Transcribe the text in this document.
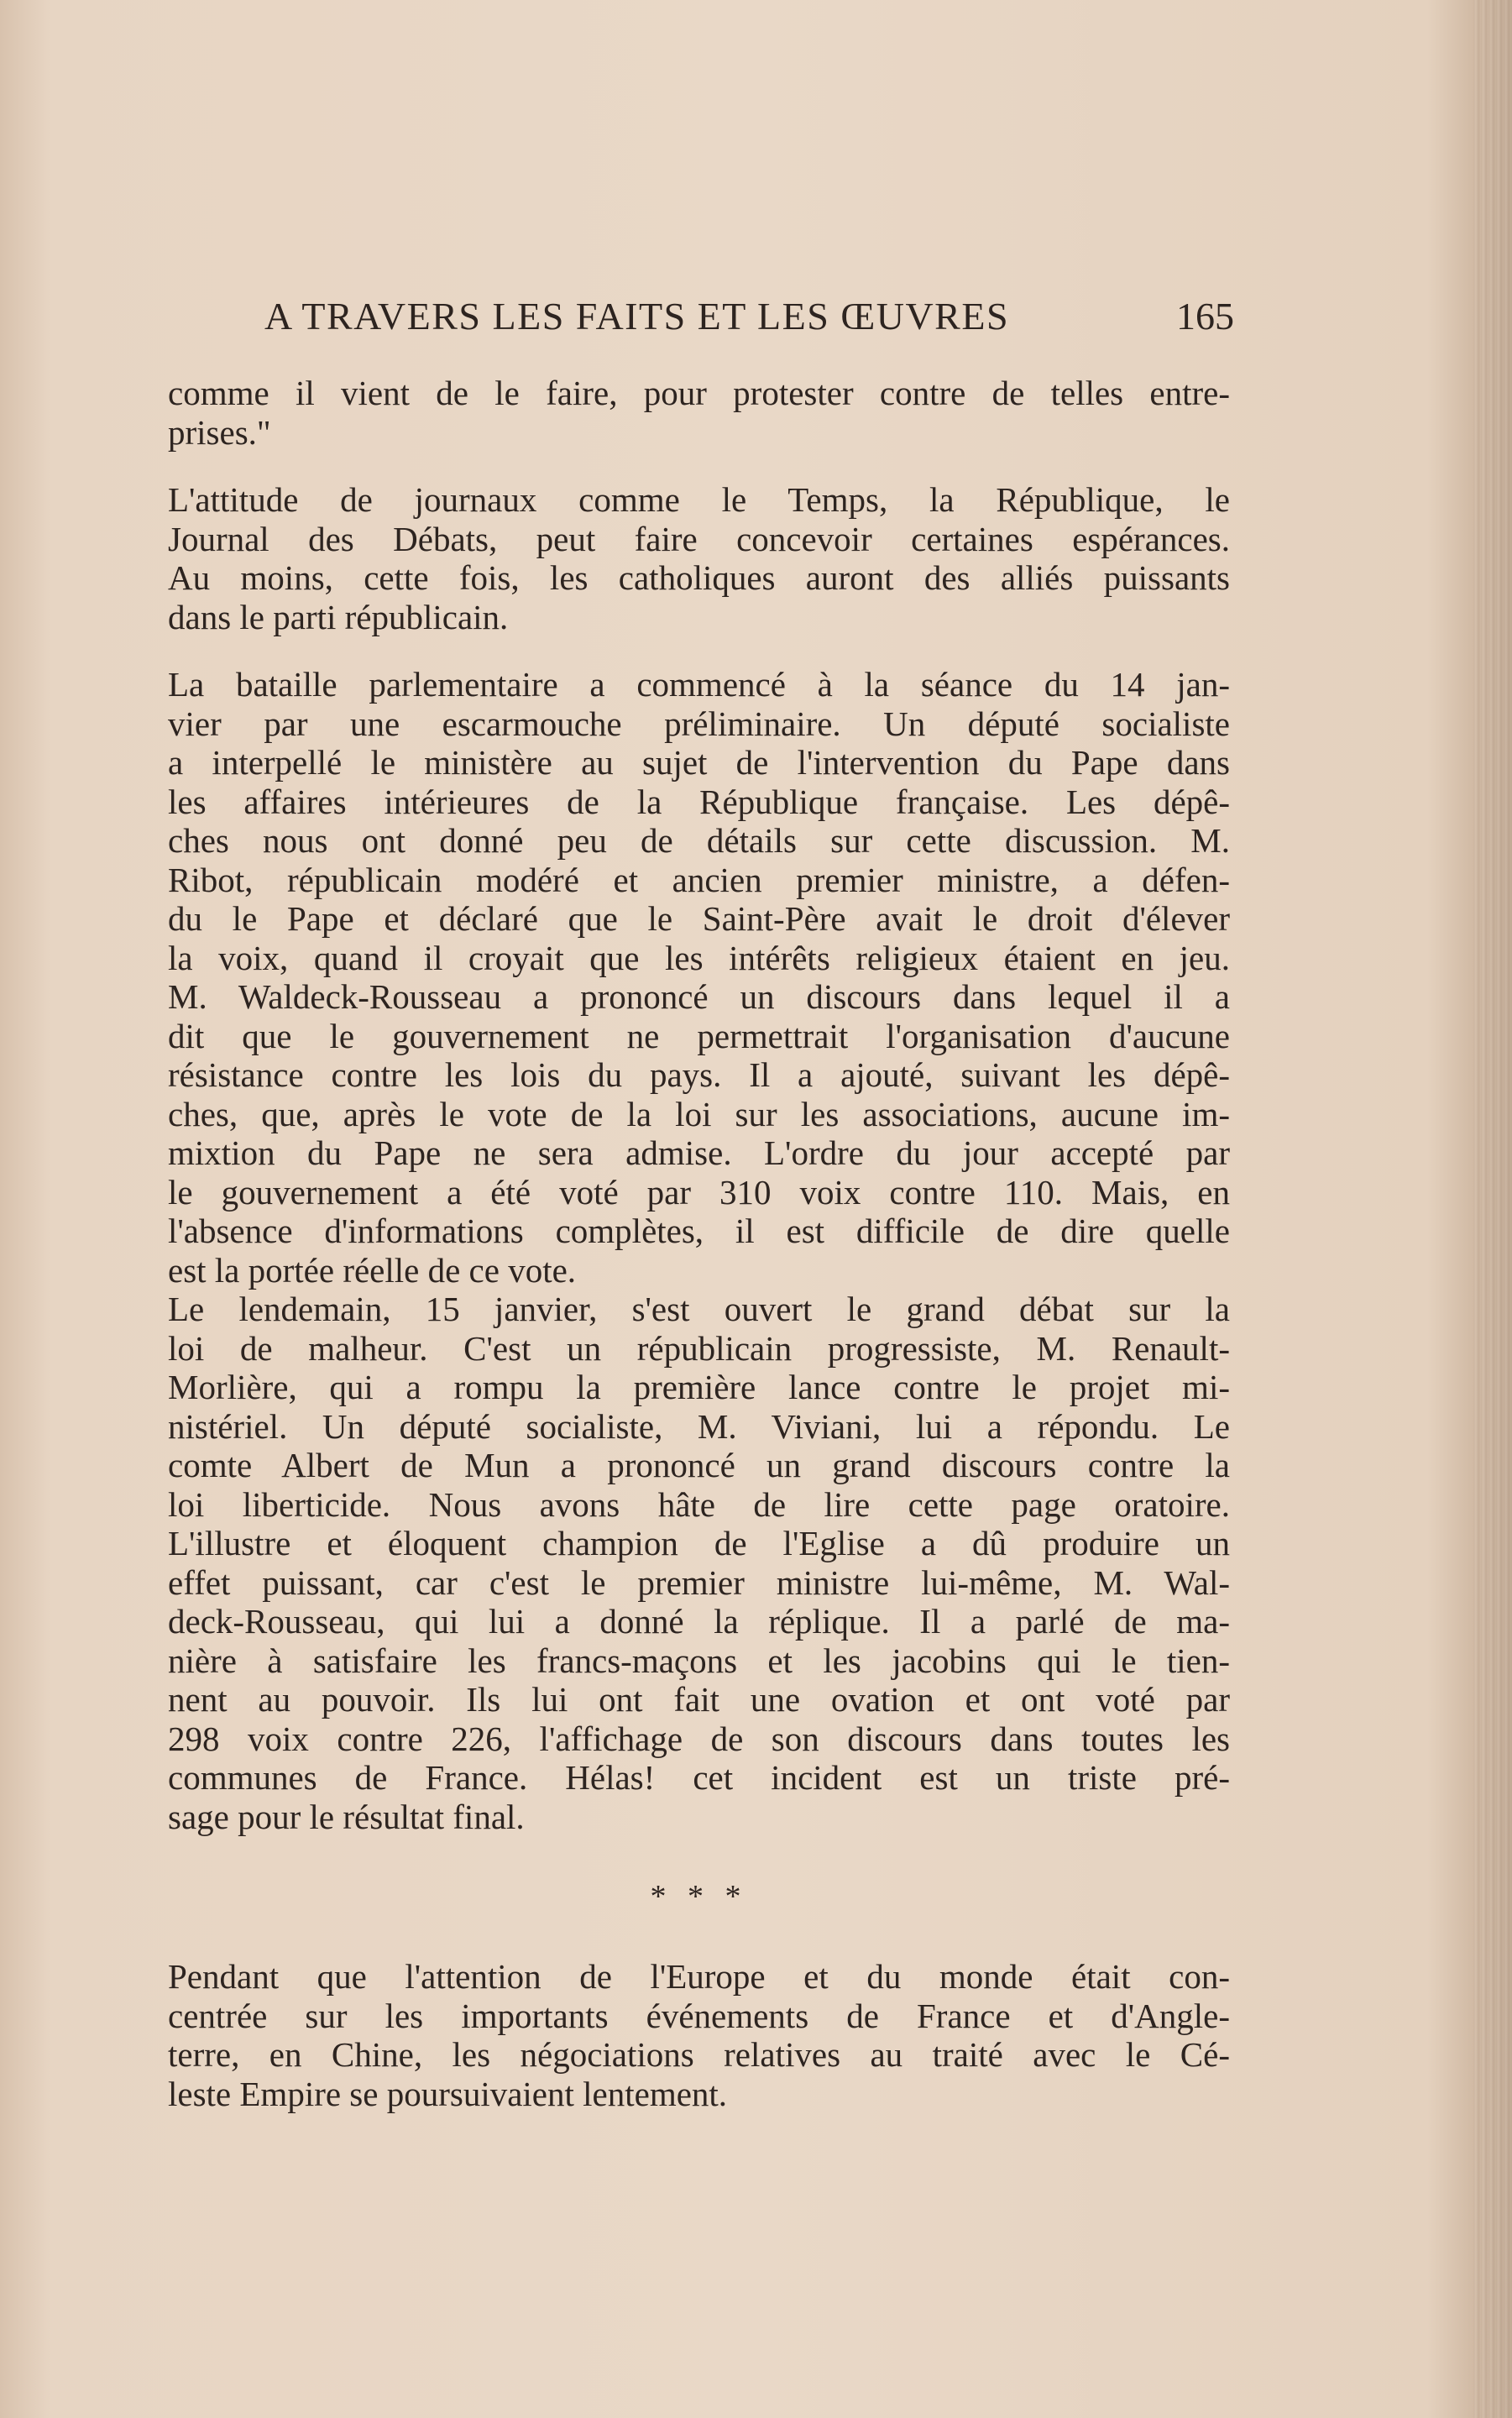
A TRAVERS LES FAITS ET LES ŒUVRES	165
comme il vient de le faire, pour protester contre de telles entre-
prises."
L'attitude de journaux comme le Temps, la République, le
Journal des Débats, peut faire concevoir certaines espérances.
Au moins, cette fois, les catholiques auront des alliés puissants
dans le parti républicain.
La bataille parlementaire a commencé à la séance du 14 jan-
vier par une escarmouche préliminaire. Un député socialiste
a interpellé le ministère au sujet de l'intervention du Pape dans
les affaires intérieures de la République française. Les dépê-
ches nous ont donné peu de détails sur cette discussion. M.
Ribot, républicain modéré et ancien premier ministre, a défen-
du le Pape et déclaré que le Saint-Père avait le droit d'élever
la voix, quand il croyait que les intérêts religieux étaient en jeu.
M. Waldeck-Rousseau a prononcé un discours dans lequel il a
dit que le gouvernement ne permettrait l'organisation d'aucune
résistance contre les lois du pays. Il a ajouté, suivant les dépê-
ches, que, après le vote de la loi sur les associations, aucune im-
mixtion du Pape ne sera admise. L'ordre du jour accepté par
le gouvernement a été voté par 310 voix contre 110. Mais, en
l'absence d'informations complètes, il est difficile de dire quelle
est la portée réelle de ce vote.
Le lendemain, 15 janvier, s'est ouvert le grand débat sur la
loi de malheur. C'est un républicain progressiste, M. Renault-
Morlière, qui a rompu la première lance contre le projet mi-
nistériel. Un député socialiste, M. Viviani, lui a répondu. Le
comte Albert de Mun a prononcé un grand discours contre la
loi liberticide. Nous avons hâte de lire cette page oratoire.
L'illustre et éloquent champion de l'Eglise a dû produire un
effet puissant, car c'est le premier ministre lui-même, M. Wal-
deck-Rousseau, qui lui a donné la réplique. Il a parlé de ma-
nière à satisfaire les francs-maçons et les jacobins qui le tien-
nent au pouvoir. Ils lui ont fait une ovation et ont voté par
298 voix contre 226, l'affichage de son discours dans toutes les
communes de France. Hélas! cet incident est un triste pré-
sage pour le résultat final.
* * *
Pendant que l'attention de l'Europe et du monde était con-
centrée sur les importants événements de France et d'Angle-
terre, en Chine, les négociations relatives au traité avec le Cé-
leste Empire se poursuivaient lentement.
